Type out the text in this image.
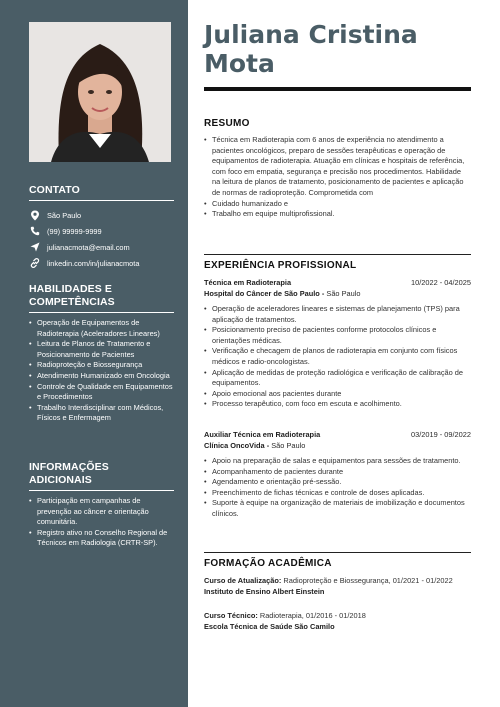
CONTATO
São Paulo
(99) 99999-9999
julianacmota@email.com
linkedin.com/in/julianacmota
HABILIDADES E
COMPETÊNCIAS
• Operação de Equipamentos de Radioterapia (Aceleradores Lineares)
• Leitura de Planos de Tratamento e Posicionamento de Pacientes
• Radioproteção e Biossegurança
• Atendimento Humanizado em Oncologia
• Controle de Qualidade em Equipamentos e Procedimentos
• Trabalho Interdisciplinar com Médicos, Físicos e Enfermagem
INFORMAÇÕES ADICIONAIS
• Participação em campanhas de prevenção ao câncer e orientação comunitária.
• Registro ativo no Conselho Regional de Técnicos em Radiologia (CRTR-SP).
Juliana Cristina
Mota
RESUMO
• Técnica em Radioterapia com 6 anos de experiência no atendimento a pacientes oncológicos, preparo de sessões terapêuticas e operação de equipamentos de radioterapia. Atuação em clínicas e hospitais de referência, com foco em empatia, segurança e precisão nos procedimentos. Habilidade na leitura de planos de tratamento, posicionamento de pacientes e aplicação de normas de radioproteção. Comprometida com
• Cuidado humanizado e
• Trabalho em equipe multiprofissional.
EXPERIÊNCIA PROFISSIONAL
Técnica em Radioterapia	10/2022 - 04/2025
Hospital do Câncer de São Paulo - São Paulo
• Operação de aceleradores lineares e sistemas de planejamento (TPS) para aplicação de tratamentos.
• Posicionamento preciso de pacientes conforme protocolos clínicos e orientações médicas.
• Verificação e checagem de planos de radioterapia em conjunto com físicos médicos e radio-oncologistas.
• Aplicação de medidas de proteção radiológica e verificação de calibração de equipamentos.
• Apoio emocional aos pacientes durante
• Processo terapêutico, com foco em escuta e acolhimento.
Auxiliar Técnica em Radioterapia	03/2019 - 09/2022
Clínica OncoVida - São Paulo
• Apoio na preparação de salas e equipamentos para sessões de tratamento.
• Acompanhamento de pacientes durante
• Agendamento e orientação pré-sessão.
• Preenchimento de fichas técnicas e controle de doses aplicadas.
• Suporte à equipe na organização de materiais de imobilização e documentos clínicos.
FORMAÇÃO ACADÊMICA
Curso de Atualização: Radioproteção e Biossegurança, 01/2021 - 01/2022
Instituto de Ensino Albert Einstein
Curso Técnico: Radioterapia, 01/2016 - 01/2018
Escola Técnica de Saúde São Camilo
